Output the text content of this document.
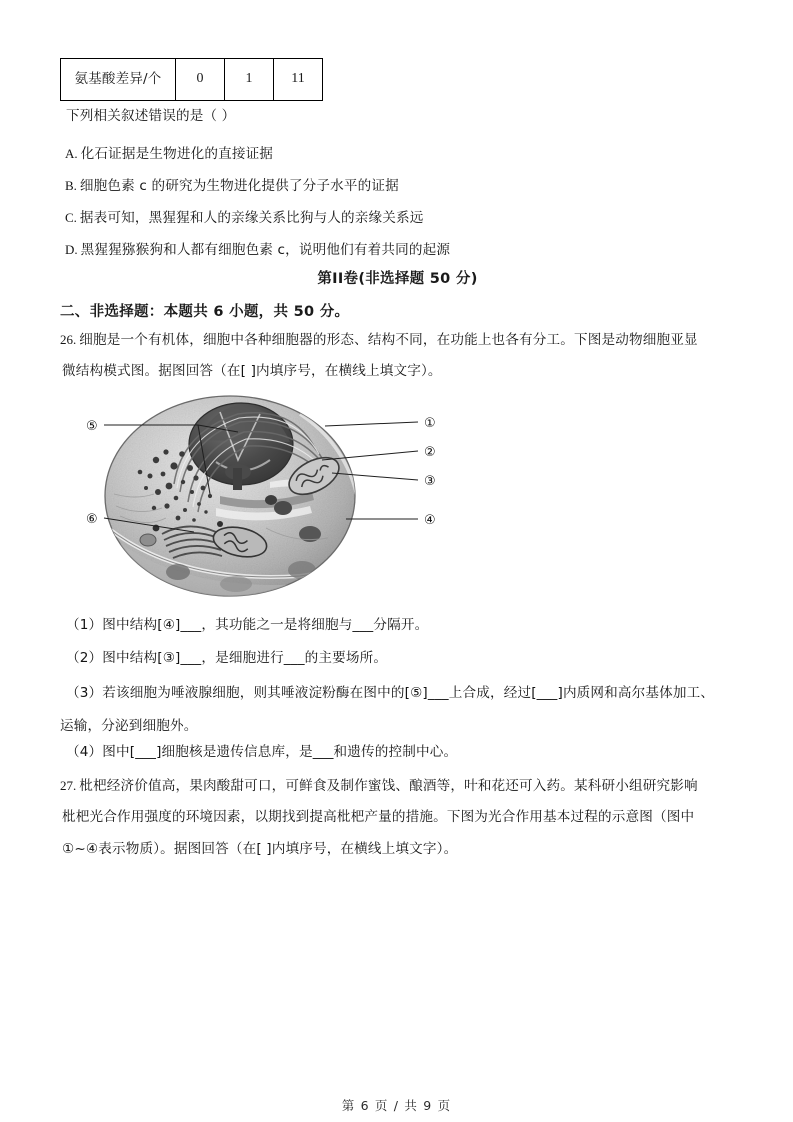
氨基酸差异/个	0	1	11
下列相关叙述错误的是（ ）
A. 化石证据是生物进化的直接证据
B. 细胞色素 c 的研究为生物进化提供了分子水平的证据
C. 据表可知，黑猩猩和人的亲缘关系比狗与人的亲缘关系远
D. 黑猩猩猕猴狗和人都有细胞色素 c，说明他们有着共同的起源
第II卷(非选择题 50 分)
二、非选择题：本题共 6 小题，共 50 分。
26. 细胞是一个有机体，细胞中各种细胞器的形态、结构不同，在功能上也各有分工。下图是动物细胞亚显
微结构模式图。据图回答（在[ ]内填序号，在横线上填文字）。
①
②
③
④
⑤
⑥
（1）图中结构[④]___，其功能之一是将细胞与___分隔开。
（2）图中结构[③]___，是细胞进行___的主要场所。
（3）若该细胞为唾液腺细胞，则其唾液淀粉酶在图中的[⑤]___上合成，经过[___]内质网和高尔基体加工、
运输，分泌到细胞外。
（4）图中[___]细胞核是遗传信息库，是___和遗传的控制中心。
27. 枇杷经济价值高，果肉酸甜可口，可鲜食及制作蜜饯、酿酒等，叶和花还可入药。某科研小组研究影响
枇杷光合作用强度的环境因素，以期找到提高枇杷产量的措施。下图为光合作用基本过程的示意图（图中
①~④表示物质）。据图回答（在[ ]内填序号，在横线上填文字）。
第 6 页 / 共 9 页
